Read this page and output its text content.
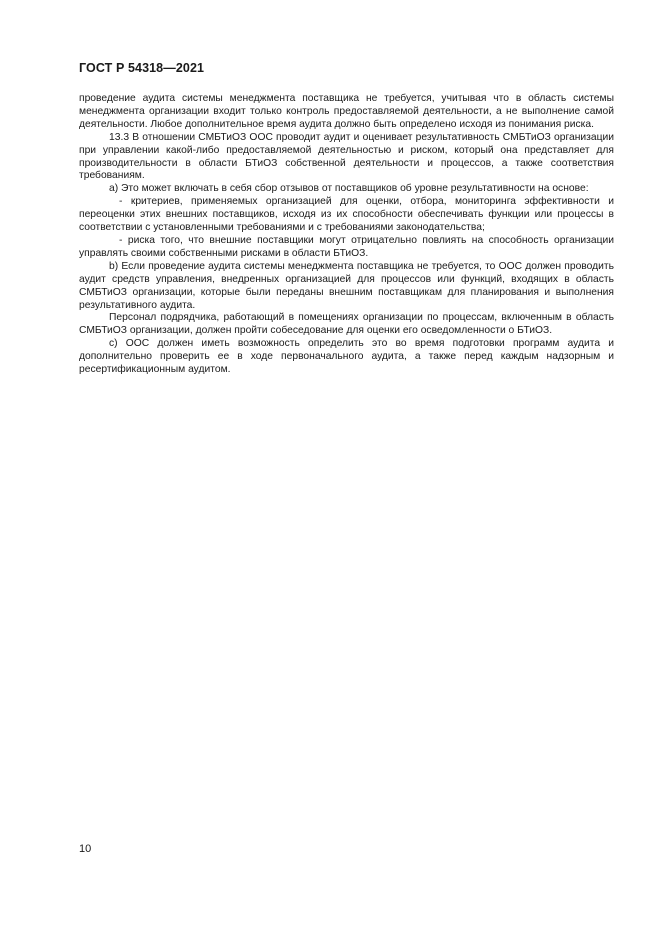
ГОСТ Р 54318—2021

проведение аудита системы менеджмента поставщика не требуется, учитывая что в область системы менеджмента организации входит только контроль предоставляемой деятельности, а не выполнение самой деятельности. Любое дополнительное время аудита должно быть определено исходя из понимания риска.

13.3 В отношении СМБТиОЗ ООС проводит аудит и оценивает результативность СМБТиОЗ организации при управлении какой-либо предоставляемой деятельностью и риском, который она представляет для производительности в области БТиОЗ собственной деятельности и процессов, а также соответствия требованиям.

a) Это может включать в себя сбор отзывов от поставщиков об уровне результативности на основе:

- критериев, применяемых организацией для оценки, отбора, мониторинга эффективности и переоценки этих внешних поставщиков, исходя из их способности обеспечивать функции или процессы в соответствии с установленными требованиями и с требованиями законодательства;

- риска того, что внешние поставщики могут отрицательно повлиять на способность организации управлять своими собственными рисками в области БТиОЗ.

b) Если проведение аудита системы менеджмента поставщика не требуется, то ООС должен проводить аудит средств управления, внедренных организацией для процессов или функций, входящих в область СМБТиОЗ организации, которые были переданы внешним поставщикам для планирования и выполнения результативного аудита.

Персонал подрядчика, работающий в помещениях организации по процессам, включенным в область СМБТиОЗ организации, должен пройти собеседование для оценки его осведомленности о БТиОЗ.

c) ООС должен иметь возможность определить это во время подготовки программ аудита и дополнительно проверить ее в ходе первоначального аудита, а также перед каждым надзорным и ресертификационным аудитом.

10
